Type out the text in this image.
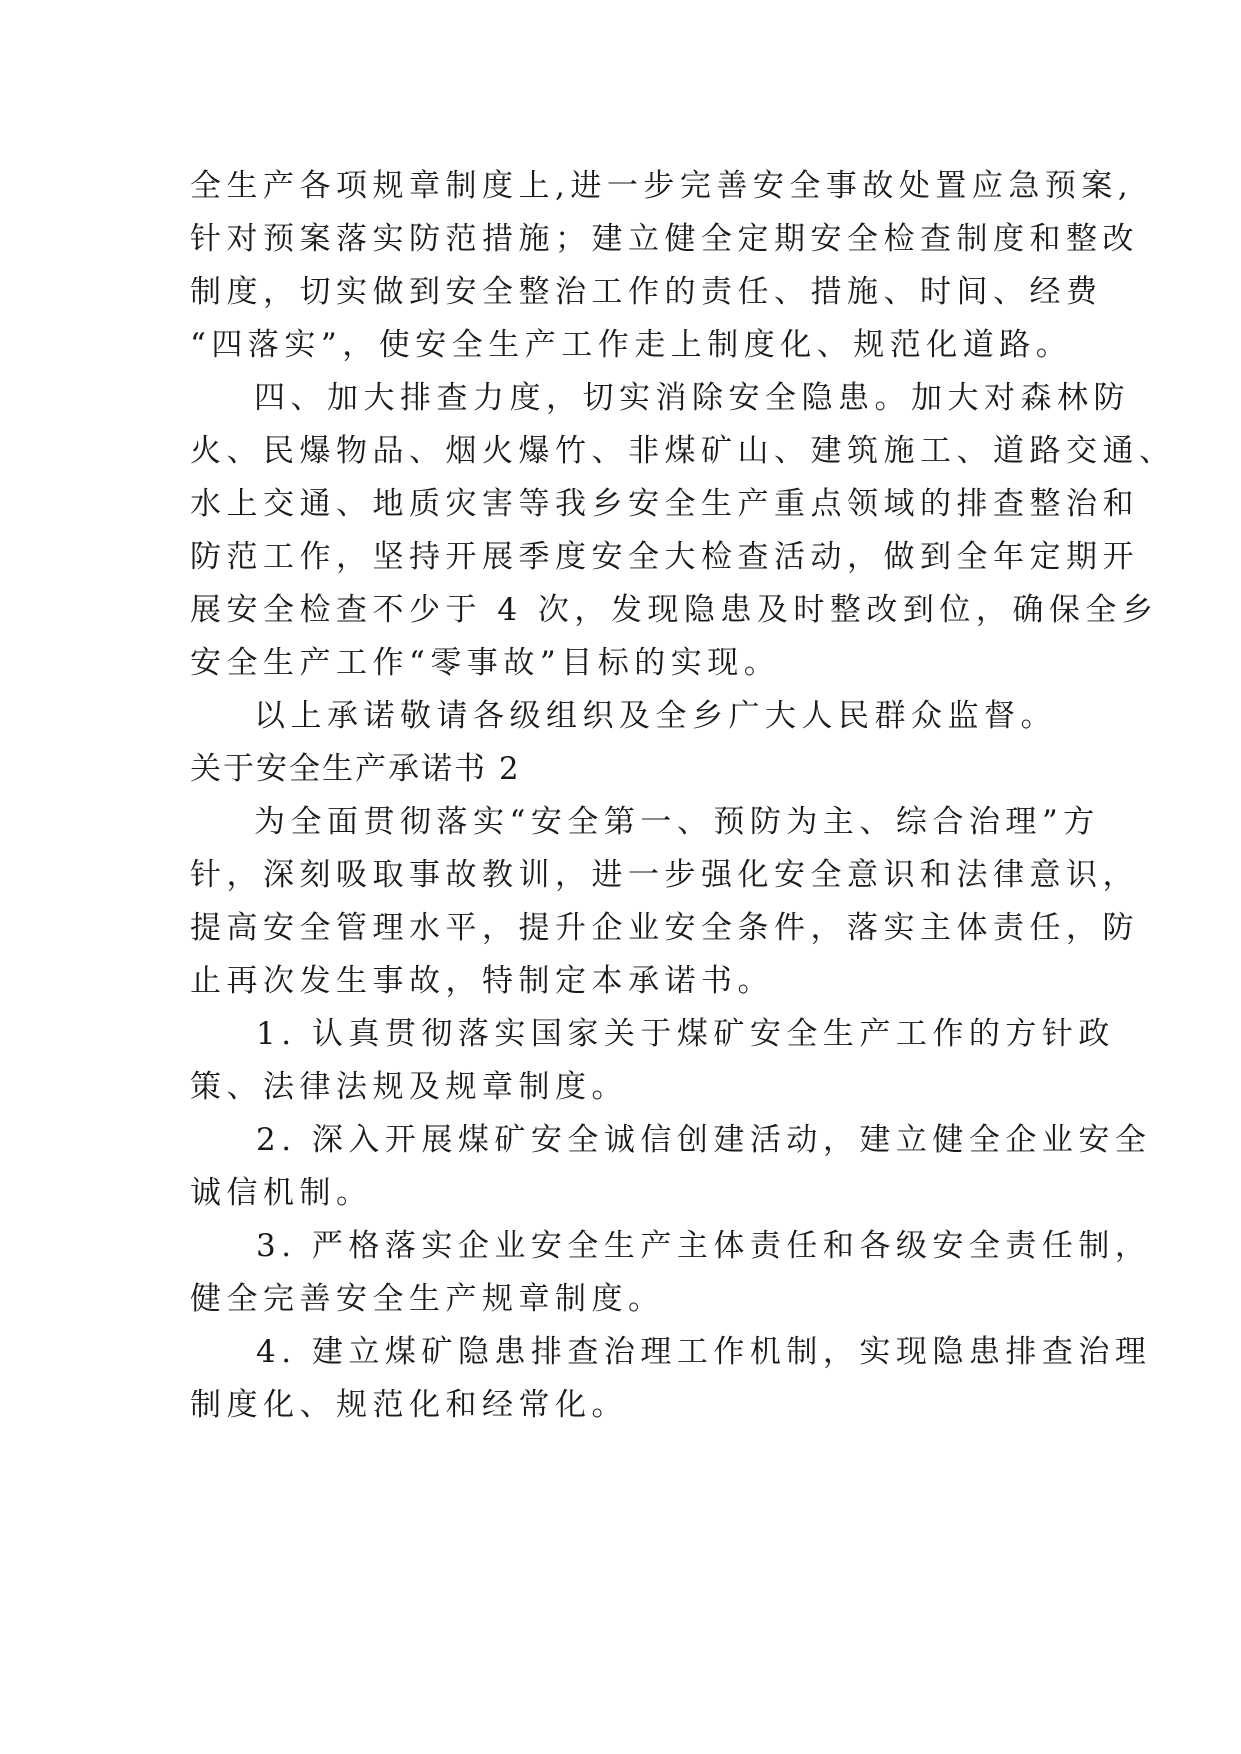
全生产各项规章制度上,进一步完善安全事故处置应急预案,
针对预案落实防范措施；建立健全定期安全检查制度和整改
制度，切实做到安全整治工作的责任、措施、时间、经费
“四落实”，使安全生产工作走上制度化、规范化道路。
四、加大排查力度，切实消除安全隐患。加大对森林防
火、民爆物品、烟火爆竹、非煤矿山、建筑施工、道路交通、
水上交通、地质灾害等我乡安全生产重点领域的排查整治和
防范工作，坚持开展季度安全大检查活动，做到全年定期开
展安全检查不少于 4 次，发现隐患及时整改到位，确保全乡
安全生产工作“零事故”目标的实现。
以上承诺敬请各级组织及全乡广大人民群众监督。
关于安全生产承诺书 2
为全面贯彻落实“安全第一、预防为主、综合治理”方
针，深刻吸取事故教训，进一步强化安全意识和法律意识，
提高安全管理水平，提升企业安全条件，落实主体责任，防
止再次发生事故，特制定本承诺书。
1. 认真贯彻落实国家关于煤矿安全生产工作的方针政
策、法律法规及规章制度。
2. 深入开展煤矿安全诚信创建活动，建立健全企业安全
诚信机制。
3. 严格落实企业安全生产主体责任和各级安全责任制，
健全完善安全生产规章制度。
4. 建立煤矿隐患排查治理工作机制，实现隐患排查治理
制度化、规范化和经常化。
